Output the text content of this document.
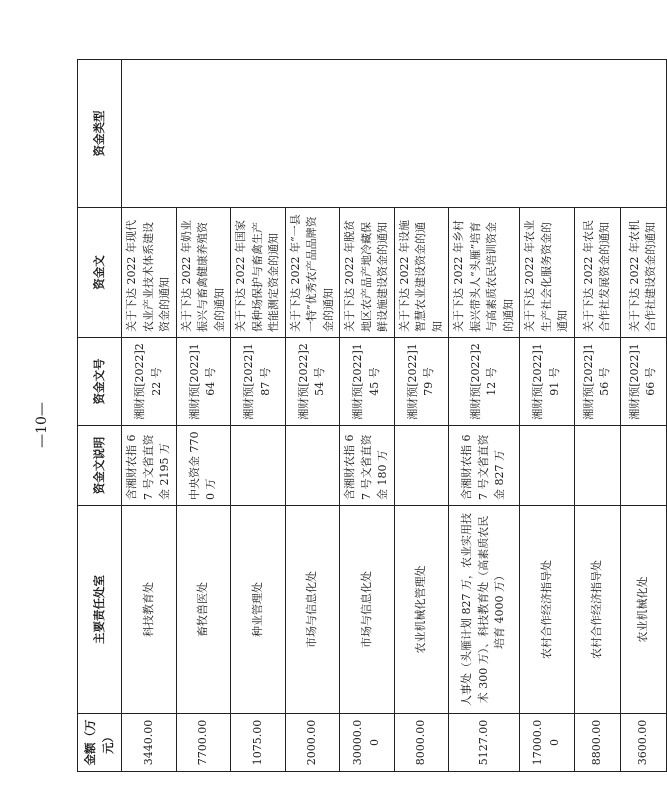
金额（万元）	主要责任处室	资金文说明	资金文号	资金文	资金类型
3440.00	科技教育处	含湘财农指 67 号文省直资金 2195 万	湘财预[2022]222 号	关于下达 2022 年现代农业产业技术体系建设资金的通知	
7700.00	畜牧兽医处	中央资金 7700 万	湘财预[2022]164 号	关于下达 2022 年奶业振兴与畜禽健康养殖资金的通知	
1075.00	种业管理处		湘财预[2022]187 号	关于下达 2022 年国家保种场保护与畜禽生产性能测定资金的通知	
2000.00	市场与信息化处		湘财预[2022]254 号	关于下达 2022 年“一县一特”优秀农产品品牌资金的通知	
30000.00	市场与信息化处	含湘财农指 67 号文省直资金 180 万	湘财预[2022]145 号	关于下达 2022 年脱贫地区农产品产地冷藏保鲜设施建设资金的通知	
8000.00	农业机械化管理处		湘财预[2022]179 号	关于下达 2022 年设施智慧农业建设资金的通知	
5127.00	人事处（头雁计划 827 万，农业实用技术 300 万）、科技教育处（高素质农民培育 4000 万）	含湘财农指 67 号文省直资金 827 万	湘财预[2022]212 号	关于下达 2022 年乡村振兴带头人“头雁”培育与高素质农民培训资金的通知	
17000.00	农村合作经济指导处		湘财预[2022]191 号	关于下达 2022 年农业生产社会化服务资金的通知	
8800.00	农村合作经济指导处		湘财预[2022]156 号	关于下达 2022 年农民合作社发展资金的通知	
3600.00	农业机械化处		湘财预[2022]166 号	关于下达 2022 年农机合作社建设资金的通知	
—10—
